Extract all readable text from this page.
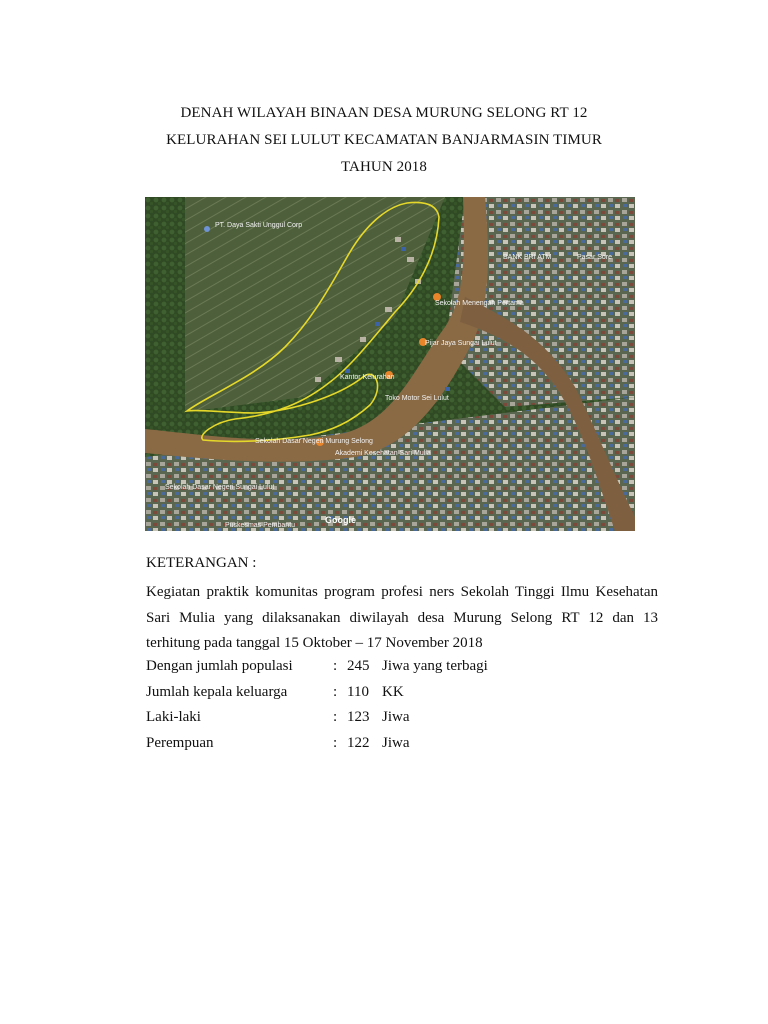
DENAH WILAYAH BINAAN DESA MURUNG SELONG RT 12
KELURAHAN SEI LULUT KECAMATAN BANJARMASIN TIMUR
TAHUN 2018
PT. Daya Sakti Unggul Corp
BANK BRI ATM	Pasar Sore
Sekolah Menengah Pertama
Pijar Jaya Sungai Lulut
Kantor Kelurahan
Toko Motor Sei Lulut
Sekolah Dasar Negeri Murung Selong
Akademi Kesehatan Sari Mulia
Sekolah Dasar Negeri Sungai Lulut
Puskesmas Pembantu
Google
KETERANGAN :
Kegiatan praktik komunitas program profesi ners Sekolah Tinggi Ilmu Kesehatan
Sari Mulia yang dilaksanakan diwilayah desa Murung Selong RT 12 dan 13
terhitung pada tanggal 15 Oktober – 17 November 2018
Dengan jumlah populasi	: 245 Jiwa yang terbagi
Jumlah kepala keluarga	: 110 KK
Laki-laki	: 123 Jiwa
Perempuan	: 122 Jiwa
